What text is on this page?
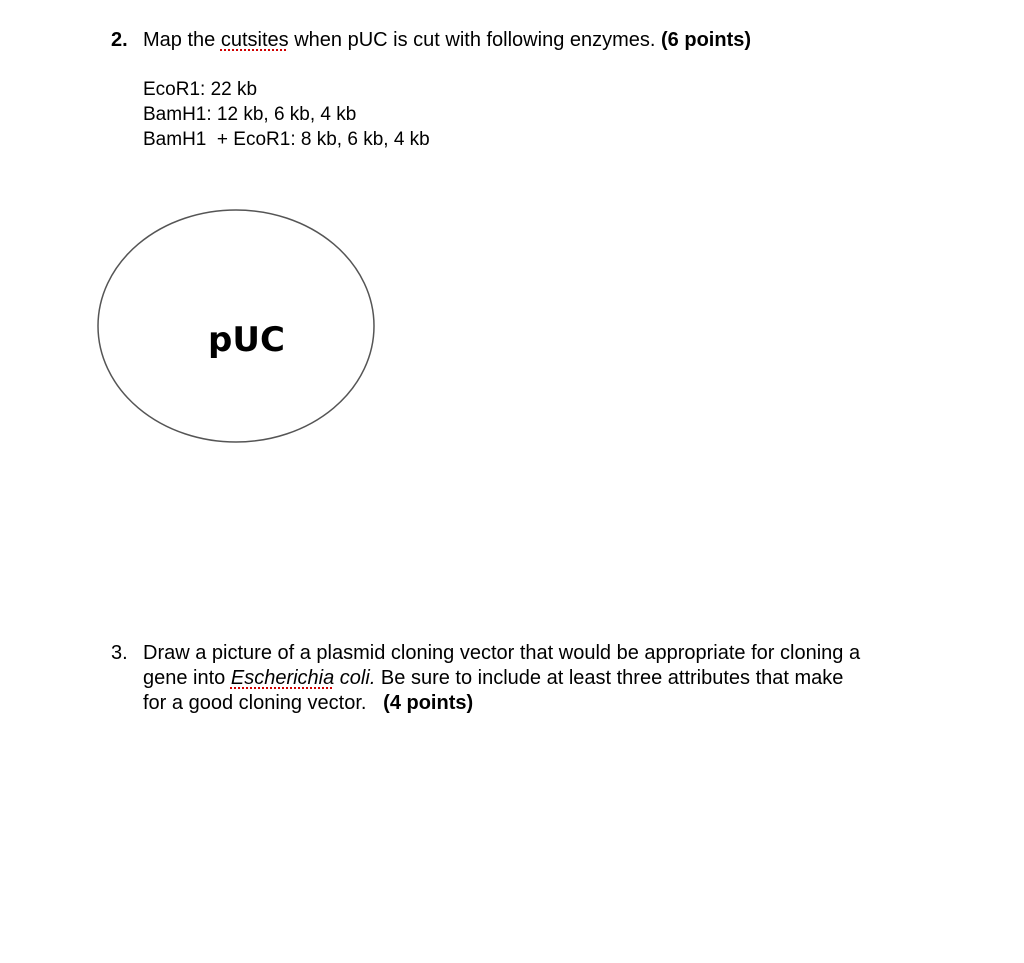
2. Map the cutsites when pUC is cut with following enzymes. (6 points)
EcoR1: 22 kb
BamH1: 12 kb, 6 kb, 4 kb
BamH1  + EcoR1: 8 kb, 6 kb, 4 kb
pUC
3. Draw a picture of a plasmid cloning vector that would be appropriate for cloning a
gene into Escherichia coli. Be sure to include at least three attributes that make
for a good cloning vector.   (4 points)
